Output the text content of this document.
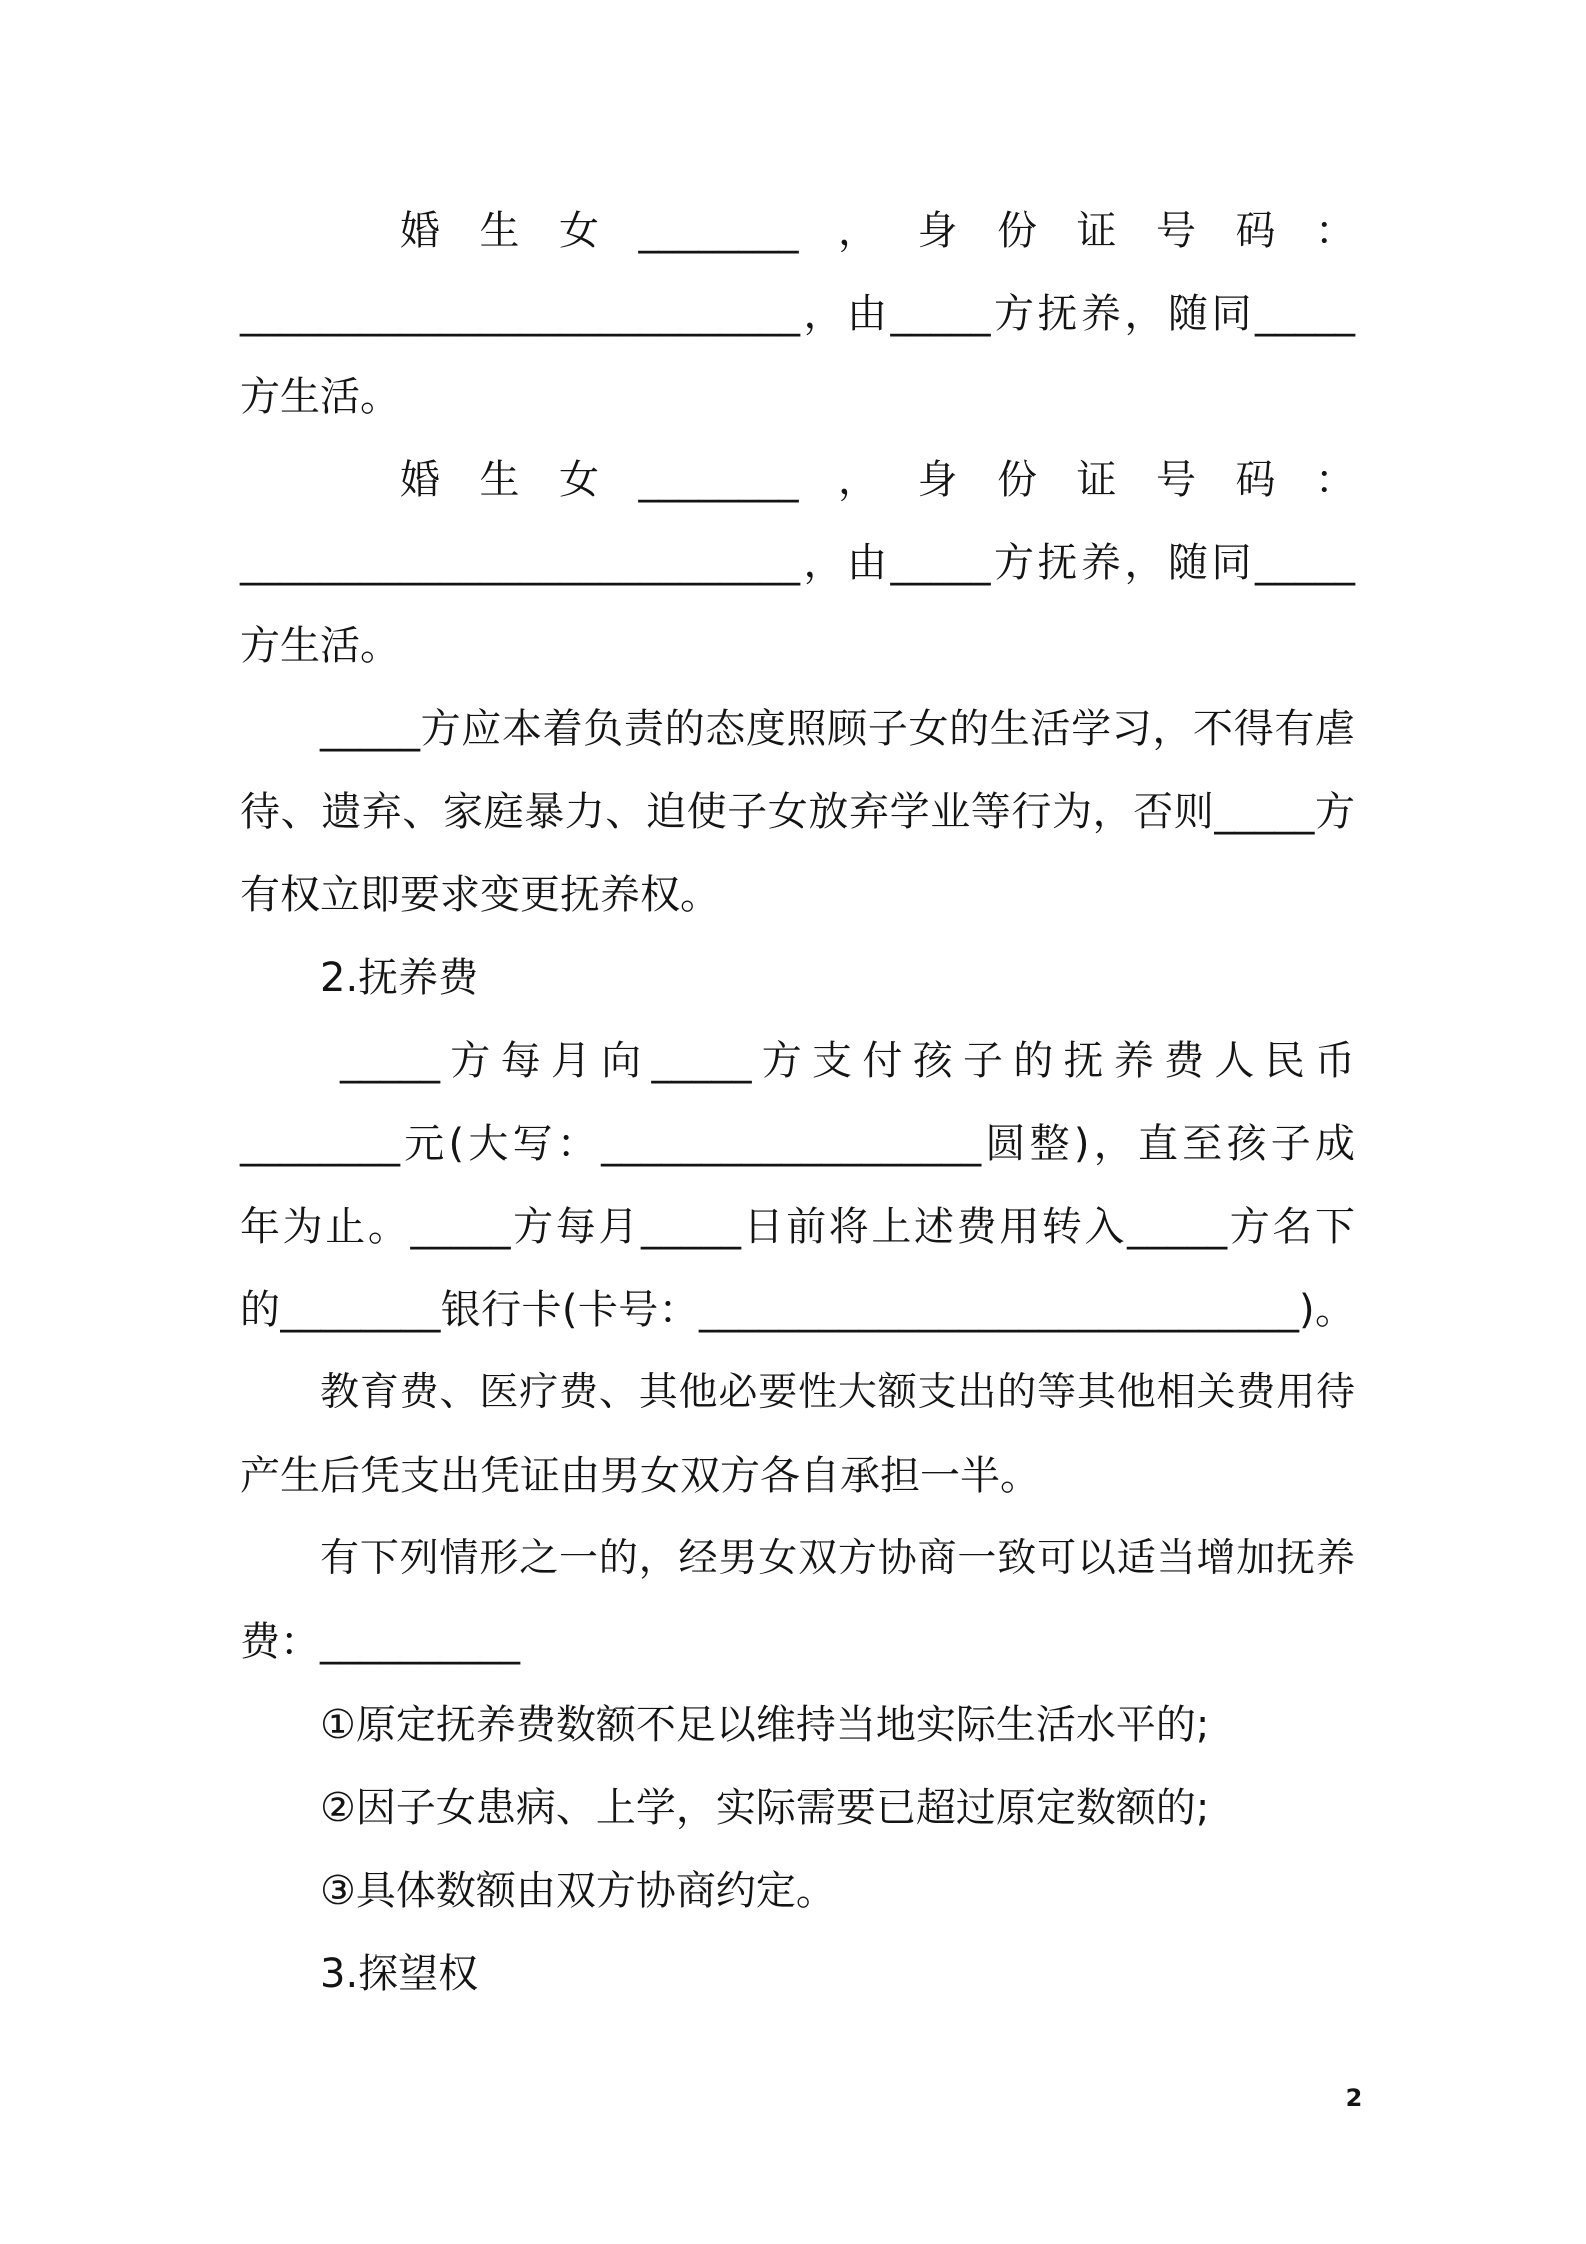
婚生女________，身份证号码：
____________________________，由_____方抚养，随同_____
方生活。
婚生女________，身份证号码：
____________________________，由_____方抚养，随同_____
方生活。
_____方应本着负责的态度照顾子女的生活学习，不得有虐
待、遗弃、家庭暴力、迫使子女放弃学业等行为，否则_____方
有权立即要求变更抚养权。
2.抚养费
_____方每月向_____方支付孩子的抚养费人民币
________元(大写：___________________圆整)，直至孩子成
年为止。_____方每月_____日前将上述费用转入_____方名下
的________银行卡(卡号：______________________________)。
教育费、医疗费、其他必要性大额支出的等其他相关费用待
产生后凭支出凭证由男女双方各自承担一半。
有下列情形之一的，经男女双方协商一致可以适当增加抚养
费：__________
①原定抚养费数额不足以维持当地实际生活水平的;
②因子女患病、上学，实际需要已超过原定数额的;
③具体数额由双方协商约定。
3.探望权
2
